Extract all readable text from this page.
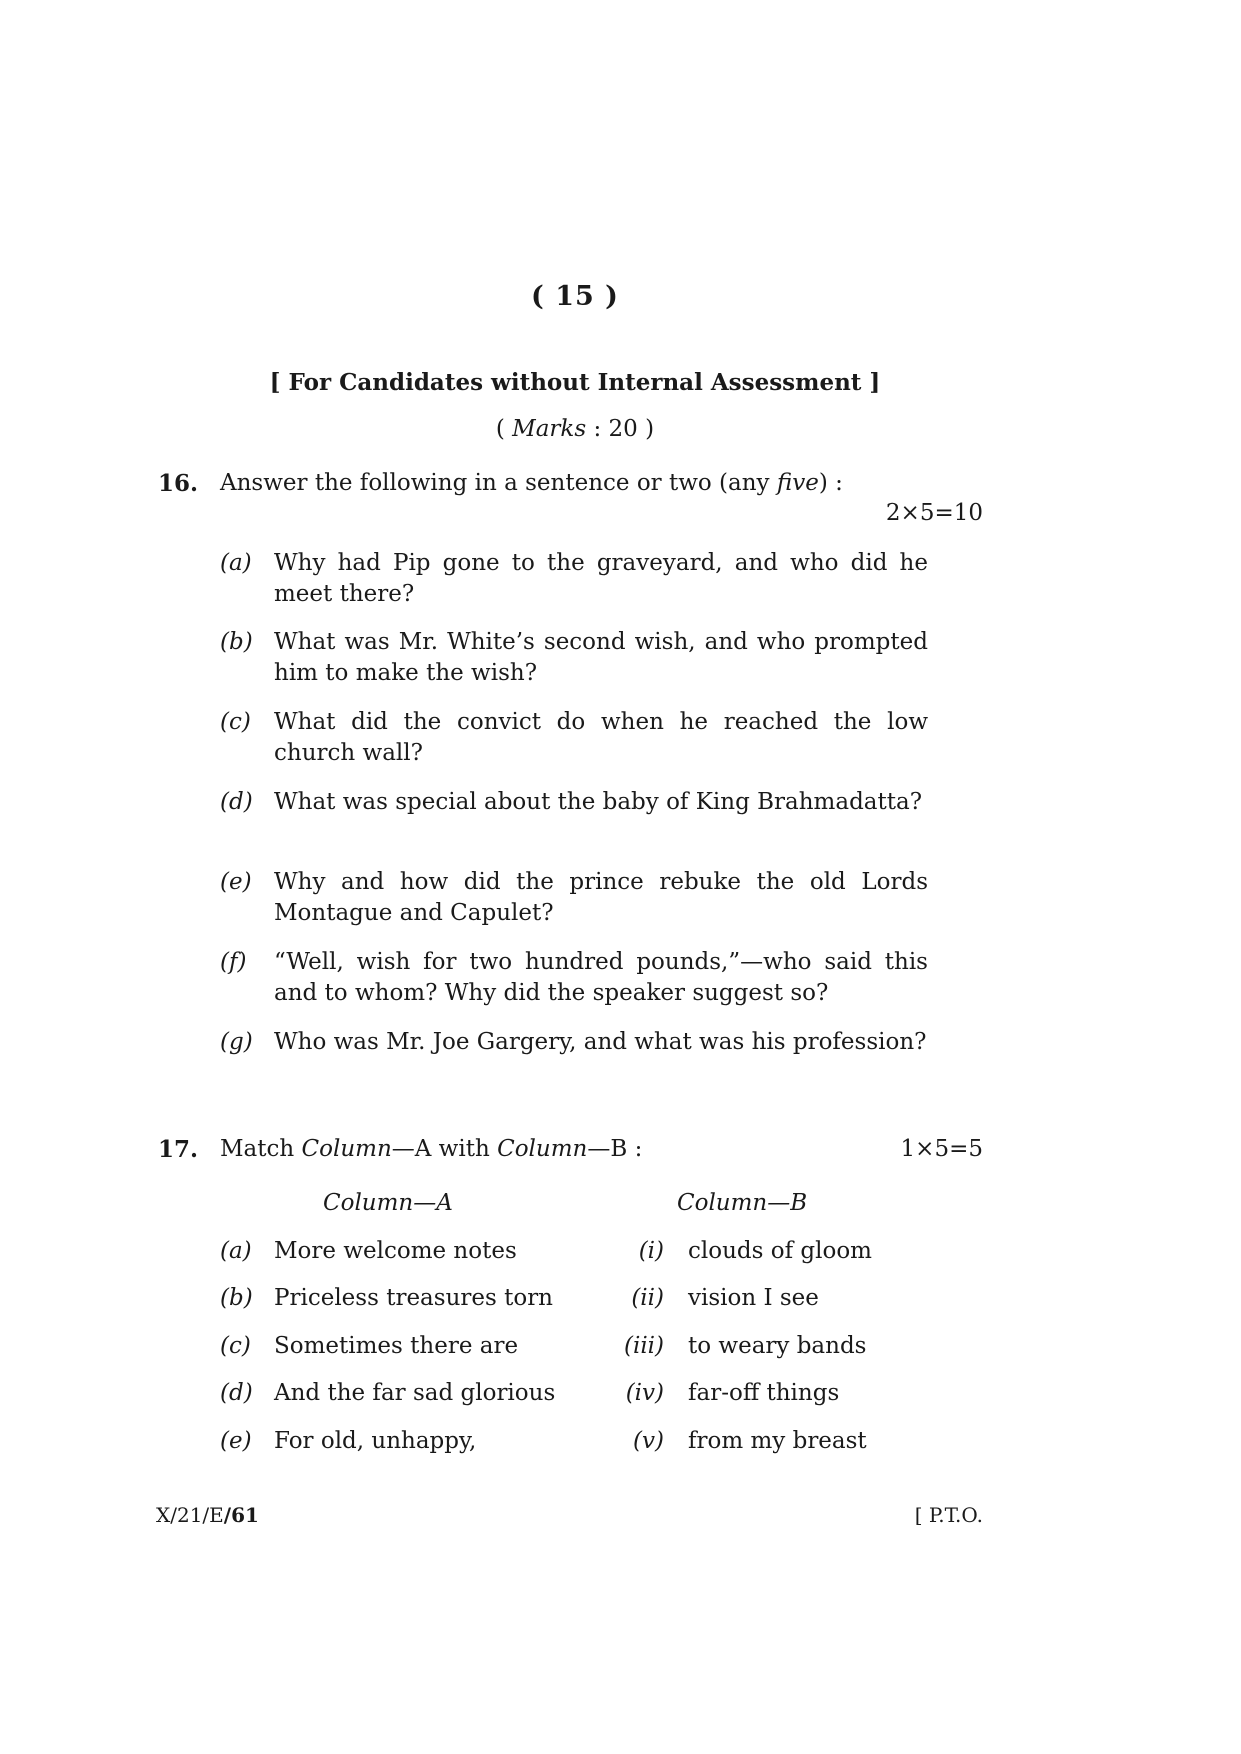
( 15 )
[ For Candidates without Internal Assessment ]
( Marks : 20 )
16. Answer the following in a sentence or two (any five) :
2×5=10
(a) Why had Pip gone to the graveyard, and who did he meet there?
(b) What was Mr. White’s second wish, and who prompted him to make the wish?
(c) What did the convict do when he reached the low church wall?
(d) What was special about the baby of King Brahmadatta?
(e) Why and how did the prince rebuke the old Lords Montague and Capulet?
(f) “Well, wish for two hundred pounds,”—who said this and to whom? Why did the speaker suggest so?
(g) Who was Mr. Joe Gargery, and what was his profession?
17. Match Column—A with Column—B :	1×5=5
Column—A	Column—B
(a) More welcome notes	(i) clouds of gloom
(b) Priceless treasures torn	(ii) vision I see
(c) Sometimes there are	(iii) to weary bands
(d) And the far sad glorious	(iv) far-off things
(e) For old, unhappy,	(v) from my breast
X/21/E/61	[ P.T.O.
